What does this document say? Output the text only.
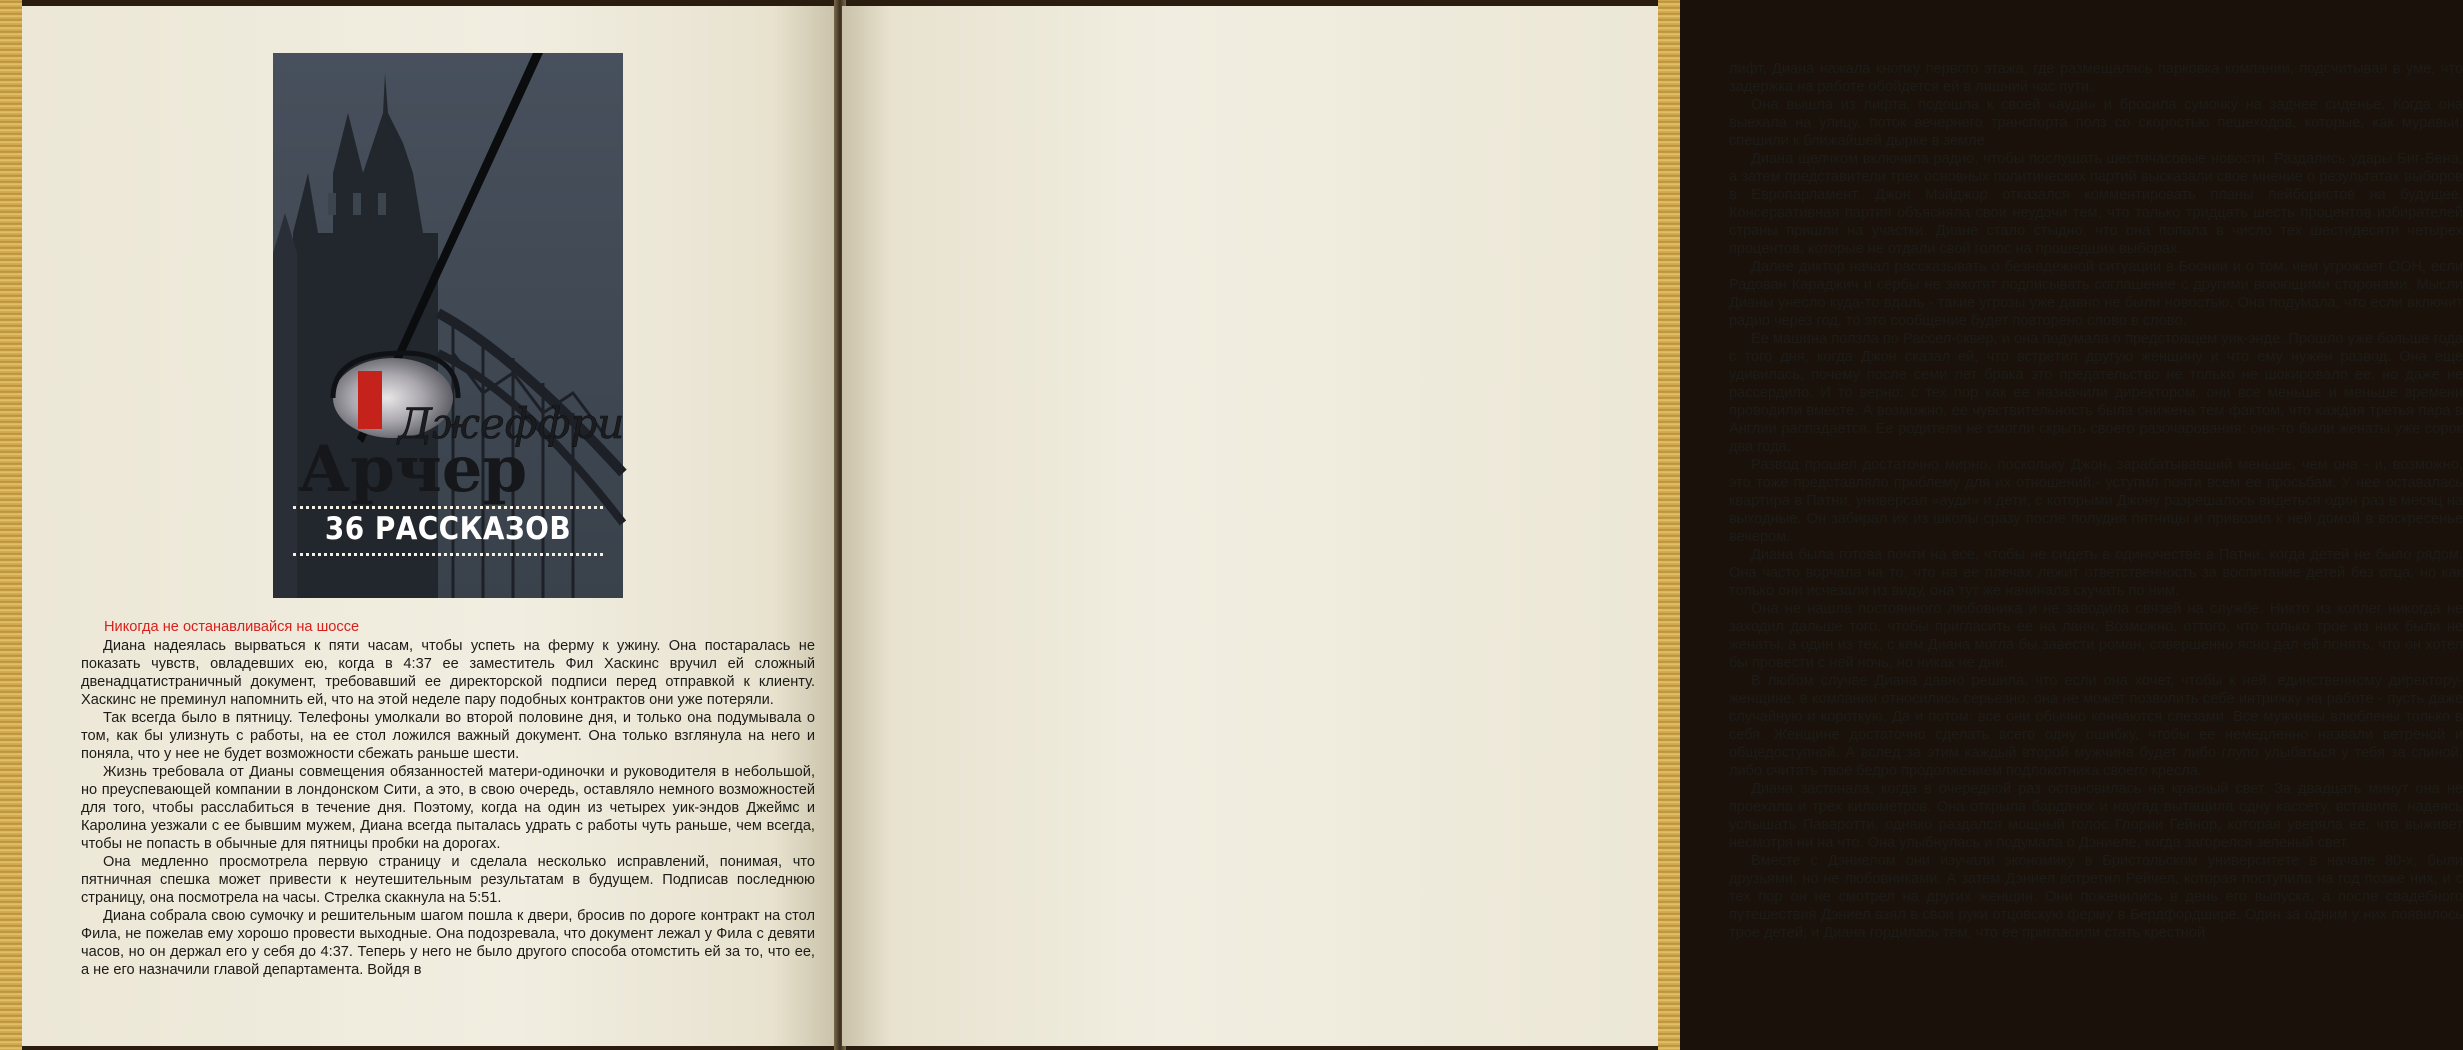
Джеффри
Арчер
36 РАССКАЗОВ
Никогда не останавливайся на шоссе

Диана надеялась вырваться к пяти часам, чтобы успеть на ферму к ужину. Она постаралась не показать чувств, овладевших ею, когда в 4:37 ее заместитель Фил Хаскинс вручил ей сложный двенадцатистраничный документ, требовавший ее директорской подписи перед отправкой к клиенту. Хаскинс не преминул напомнить ей, что на этой неделе пару подобных контрактов они уже потеряли.

Так всегда было в пятницу. Телефоны умолкали во второй половине дня, и только она подумывала о том, как бы улизнуть с работы, на ее стол ложился важный документ. Она только взглянула на него и поняла, что у нее не будет возможности сбежать раньше шести.

Жизнь требовала от Дианы совмещения обязанностей матери-одиночки и руководителя в небольшой, но преуспевающей компании в лондонском Сити, а это, в свою очередь, оставляло немного возможностей для того, чтобы расслабиться в течение дня. Поэтому, когда на один из четырех уик-эндов Джеймс и Каролина уезжали с ее бывшим мужем, Диана всегда пыталась удрать с работы чуть раньше, чем всегда, чтобы не попасть в обычные для пятницы пробки на дорогах.

Она медленно просмотрела первую страницу и сделала несколько исправлений, понимая, что пятничная спешка может привести к неутешительным результатам в будущем. Подписав последнюю страницу, она посмотрела на часы. Стрелка скакнула на 5:51.

Диана собрала свою сумочку и решительным шагом пошла к двери, бросив по дороге контракт на стол Фила, не пожелав ему хорошо провести выходные. Она подозревала, что документ лежал у Фила с девяти часов, но он держал его у себя до 4:37. Теперь у него не было другого способа отомстить ей за то, что ее, а не его назначили главой департамента. Войдя в

лифт, Диана нажала кнопку первого этажа, где размещалась парковка компании, подсчитывая в уме, что задержка на работе обойдется ей в лишний час пути.

Она вышла из лифта, подошла к своей «ауди» и бросила сумочку на заднее сиденье. Когда она выехала на улицу, поток вечернего транспорта полз со скоростью пешеходов, которые, как муравьи, спешили к ближайшей дырке в земле.

Диана щелчком включила радио, чтобы послушать шестичасовые новости. Раздались удары Биг-Бена, а затем представители трех основных политических партий высказали свое мнение о результатах выборов в Европарламент. Джон Мэйджор отказался комментировать планы лейбористов на будущее. Консервативная партия объясняла свои неудачи тем, что только тридцать шесть процентов избирателей страны пришли на участки. Диане стало стыдно, что она попала в число тех шестидесяти четырех процентов, которые не отдали свой голос на прошедших выборах.

Далее диктор начал рассказывать о безнадежной ситуации в Боснии и о том, чем угрожает ООН, если Радован Караджич и сербы не захотят подписывать соглашение с другими воюющими сторонами. Мысли Дианы унесло куда-то вдаль - такие угрозы уже давно не были новостью. Она подумала, что если включит радио через год, то это сообщение будет повторено слово в слово.

Ее машина ползла по Рассел-сквер, и она подумала о предстоящем уик-энде. Прошло уже больше года с того дня, когда Джон сказал ей, что встретил другую женщину и что ему нужен развод. Она еще удивилась, почему после семи лет брака это предательство не только не шокировало ее, но даже не рассердило. И то верно: с тех пор как ее назначили директором, они все меньше и меньше времени проводили вместе. А возможно, ее чувствительность была снижена тем фактом, что каждая третья пара в Англии распадается. Ее родители не смогли скрыть своего разочарования: они-то были женаты уже сорок два года.

Развод прошел достаточно мирно, поскольку Джон, зарабатывавший меньше, чем она - и, возможно, это тоже представляло проблему для их отношений,- уступил почти всем ее просьбам. У нее оставалась квартира в Патни, универсал «ауди» и дети, с которыми Джону разрешалось видеться один раз в месяц на выходные. Он забирал их из школы сразу после полудня пятницы и привозил к ней домой в воскресенье вечером.

Диана была готова почти на все, чтобы не сидеть в одиночестве в Патни, когда детей не было рядом. Она часто ворчала на то, что на ее плечах лежит ответственность за воспитание детей без отца, но как только они исчезали из виду, она тут же начинала скучать по ним.

Она не нашла постоянного любовника и не заводила связей на службе. Никто из коллег никогда не заходил дальше того, чтобы пригласить ее на ланч. Возможно, оттого, что только трое из них были не женаты, а один из тех, с кем Диана могла бы завести роман, совершенно ясно дал ей понять, что он хотел бы провести с ней ночь, но никак не дни.

В любом случае Диана давно решила, что если она хочет, чтобы к ней, единственному директору-женщине, в компании относились серьезно, она не может позволить себе интрижку на работе - пусть даже случайную и короткую. Да и потом: все они обычно кончаются слезами. Все мужчины влюблены только в себя. Женщине достаточно сделать всего одну ошибку, чтобы ее немедленно назвали ветреной и общедоступной. А вслед за этим каждый второй мужчина будет либо глупо улыбаться у тебя за спиной, либо считать твое бедро продолжением подлокотника своего кресла.

Диана застонала, когда в очередной раз остановилась на красный свет. За двадцать минут она не проехала и трех километров. Она открыла бардачок и наугад вытащила одну кассету, вставила, надеясь услышать Паваротти, однако раздался мощный голос Глории Гейнор, которая уверяла ее, что выживет несмотря ни на что. Она улыбнулась и подумала о Дэниеле, когда загорелся зеленый свет.

Вместе с Дэниелом они изучали экономику в Бристольском университете в начале 80-х, были друзьями, но не любовниками. А затем Дэниел встретил Рейчел, которая поступила на год позже них, и с тех пор он не смотрел на других женщин. Они поженились в день его выпуска, а после свадебного путешествия Дэниел взял в свои руки отцовскую ферму в Бердфордшире. Один за одним у них появилось трое детей, и Диана гордилась тем, что ее пригласили стать крестной
